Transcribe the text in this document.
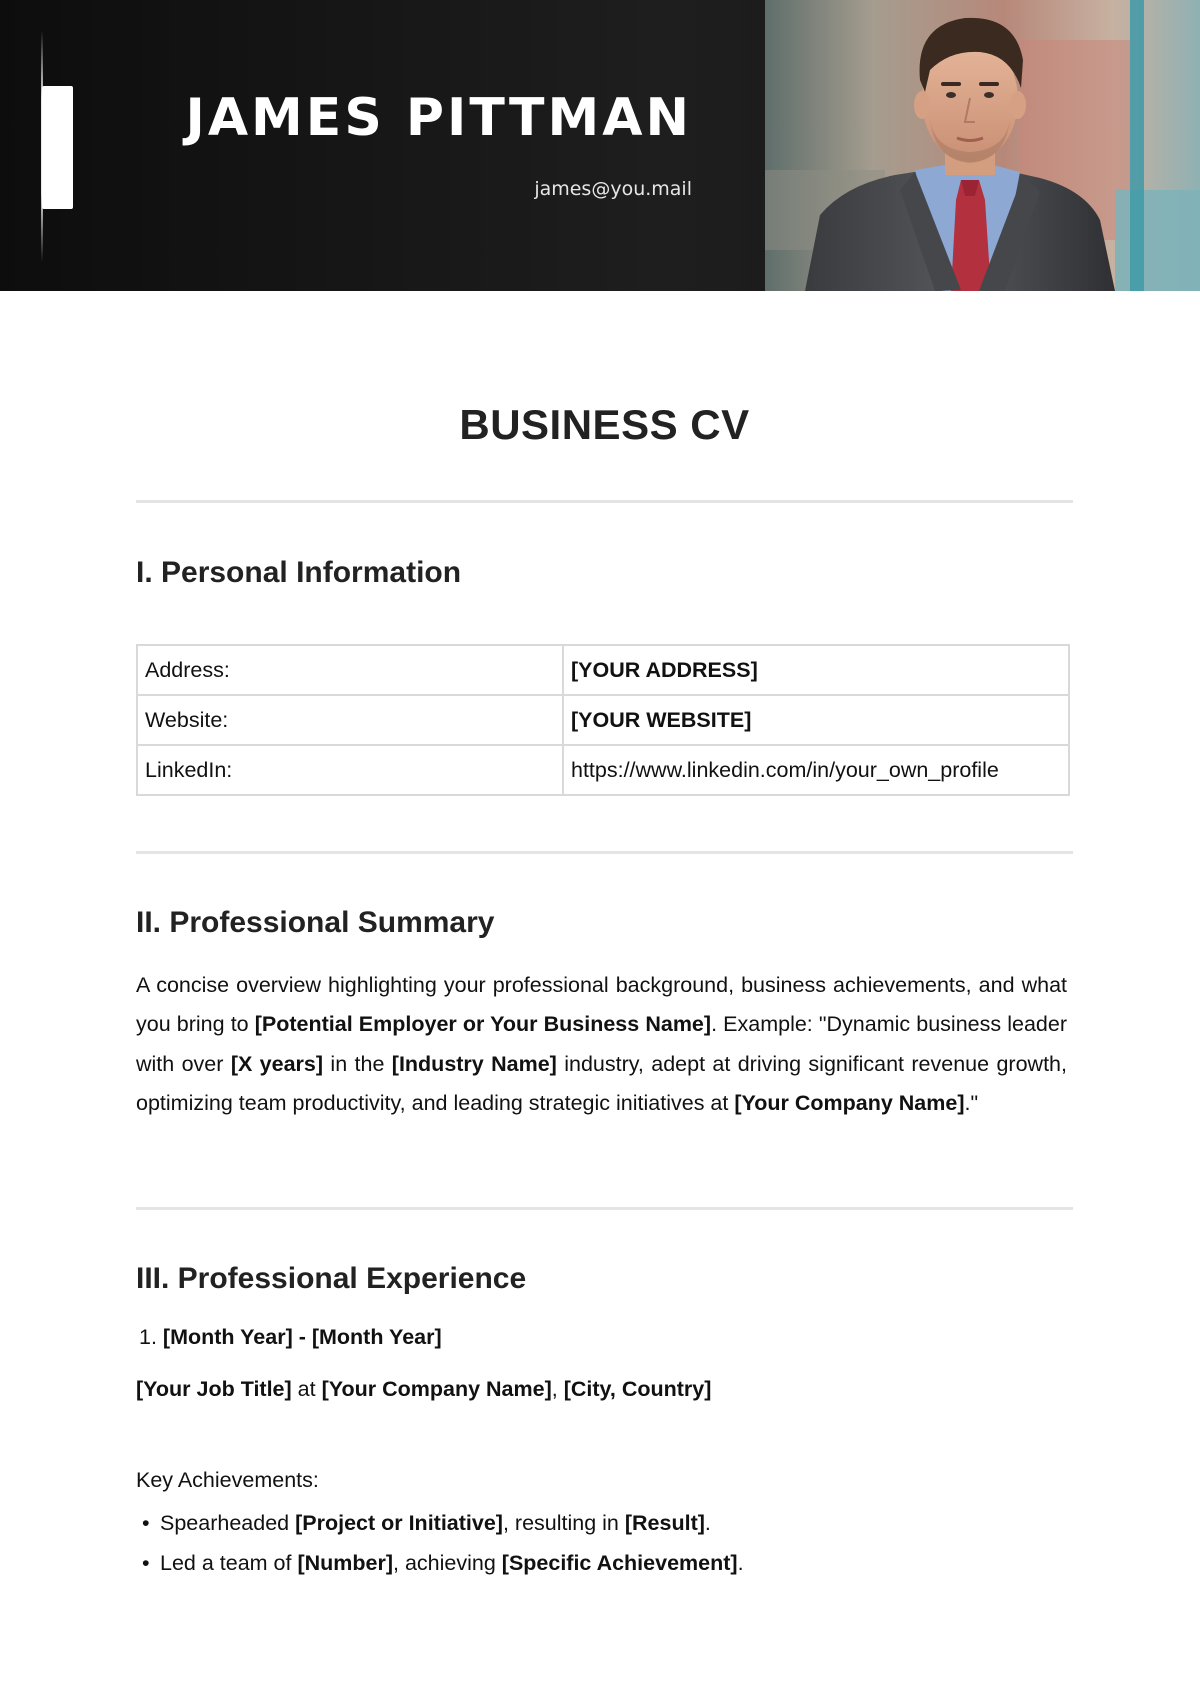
JAMES PITTMAN
james@you.mail
BUSINESS CV
I. Personal Information
Address:	[YOUR ADDRESS]
Website:	[YOUR WEBSITE]
LinkedIn:	https://www.linkedin.com/in/your_own_profile
II. Professional Summary

A concise overview highlighting your professional background, business achievements, and what you bring to [Potential Employer or Your Business Name]. Example: "Dynamic business leader with over [X years] in the [Industry Name] industry, adept at driving significant revenue growth, optimizing team productivity, and leading strategic initiatives at [Your Company Name]."

III. Professional Experience
1. [Month Year] - [Month Year]
[Your Job Title] at [Your Company Name], [City, Country]
Key Achievements:
• Spearheaded [Project or Initiative], resulting in [Result].
• Led a team of [Number], achieving [Specific Achievement].
